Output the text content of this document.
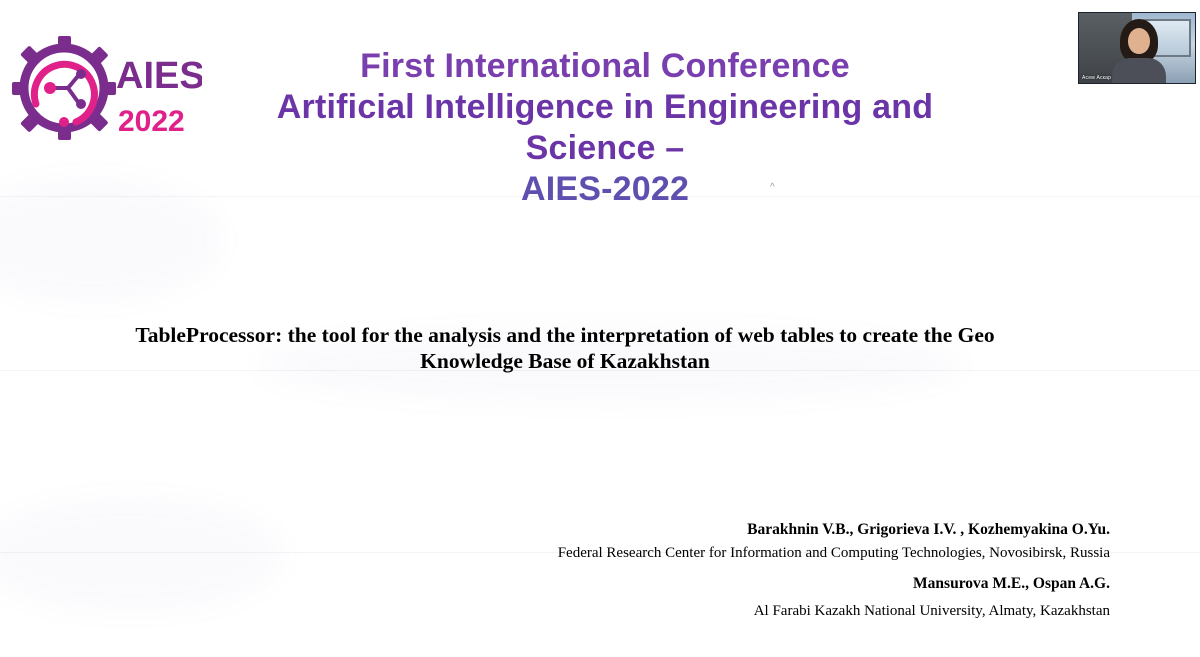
AIES
2022
First International Conference
Artificial Intelligence in Engineering and Science –
AIES-2022	^
TableProcessor: the tool for the analysis and the interpretation of web tables to create the Geo Knowledge Base of Kazakhstan

Barakhnin V.B., Grigorieva I.V. , Kozhemyakina O.Yu.

Federal Research Center for Information and Computing Technologies, Novosibirsk, Russia

Mansurova M.E., Ospan A.G.

Al Farabi Kazakh National University, Almaty, Kazakhstan

Асем Аскар
